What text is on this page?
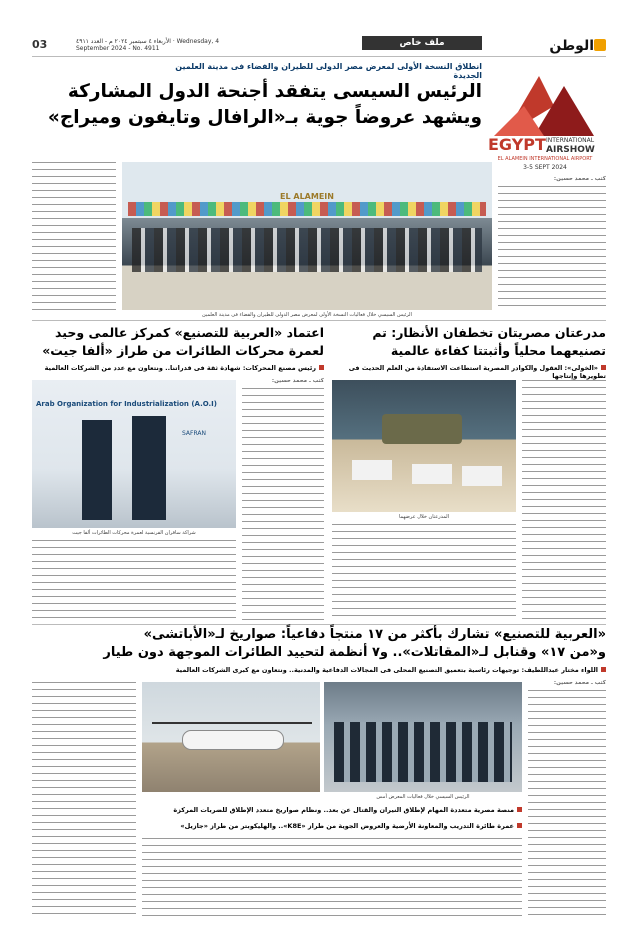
03	الأربعاء ٤ سبتمبر ٢٠٢٤ م - العدد ٤٩١١ · Wednesday, 4 September 2024 - No. 4911
ملف خاص	الوطن
انطلاق النسخة الأولى لمعرض مصر الدولى للطيران والفضاء فى مدينة العلمين الجديدة
الرئيس السيسى يتفقد أجنحة الدول المشاركة
ويشهد عروضاً جوية بـ«الرافال وتايفون وميراج»
EGYPT INTERNATIONAL
AIRSHOW
EL ALAMEIN INTERNATIONAL AIRPORT
3-5 SEPT 2024
كتب ـ محمد حسين:
EL ALAMEIN
الرئيس السيسي خلال فعاليات النسخة الأولى لمعرض مصر الدولى للطيران والفضاء فى مدينة العلمين
مدرعتان مصريتان تخطفان الأنظار: تم تصنيعهما محلياً وأثبتتا كفاءة عالمية
«الخولى»: العقول والكوادر المصرية استطاعت الاستفادة من العلم الحديث فى تطويرها وإنتاجها
المدرعتان خلال عرضهما
اعتماد «العربية للتصنيع» كمركز عالمى وحيد لعمرة محركات الطائرات من طراز «ألفا جيت»
رئيس مصنع المحركات: شهادة ثقة فى قدراتنا.. ونتعاون مع عدد من الشركات العالمية
كتب ـ محمد حسين:
Arab Organization for Industrialization (A.O.I)
SAFRAN
شراكة سافران الفرنسية لعمرة محركات الطائرات ألفا جيت
«العربية للتصنيع» تشارك بأكثر من ١٧ منتجاً دفاعياً: صواريخ لـ«الأباتشى»
و«من ١٧» وقنابل لـ«المقاتلات».. و٧ أنظمة لتحييد الطائرات الموجهة دون طيار
اللواء مختار عبداللطيف: توجيهات رئاسية بتعميق التصنيع المحلى فى المجالات الدفاعية والمدنية.. ونتعاون مع كبرى الشركات العالمية
كتب ـ محمد حسين:
الرئيس السيسي خلال فعاليات المعرض أمس
منصة مصرية متعددة المهام لإطلاق النيران والقتال عن بعد.. ونظام صواريخ متعدد الإطلاق للضربات المركزة
عمرة طائرة التدريب والمعاونة الأرضية والعروض الجوية من طراز «K8E».. والهليكوبتر من طراز «جازيل»
